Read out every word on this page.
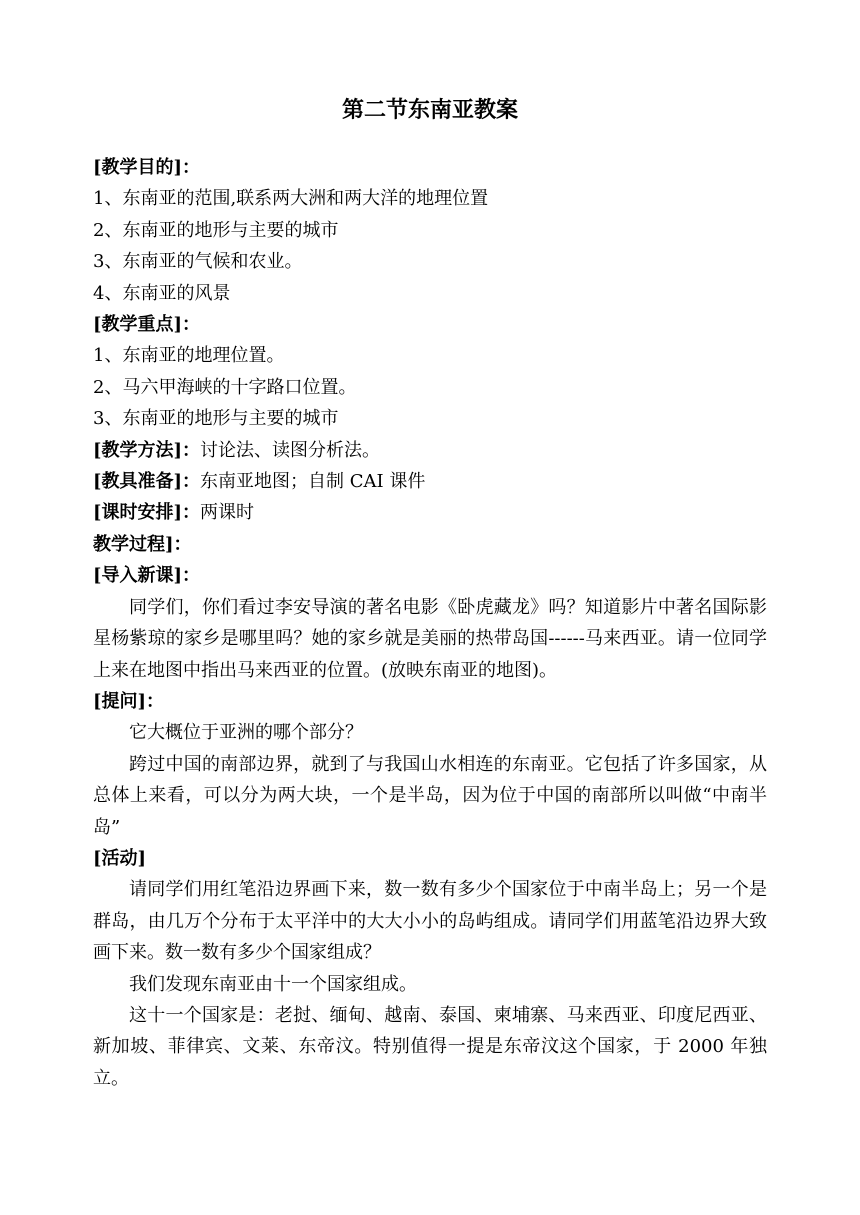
第二节东南亚教案
[教学目的]：
1、东南亚的范围,联系两大洲和两大洋的地理位置
2、东南亚的地形与主要的城市
3、东南亚的气候和农业。
4、东南亚的风景
[教学重点]：
1、东南亚的地理位置。
2、马六甲海峡的十字路口位置。
3、东南亚的地形与主要的城市
[教学方法]：讨论法、读图分析法。
[教具准备]：东南亚地图；自制 CAI 课件
[课时安排]：两课时
教学过程]：
[导入新课]：

同学们，你们看过李安导演的著名电影《卧虎藏龙》吗？知道影片中著名国际影星杨紫琼的家乡是哪里吗？她的家乡就是美丽的热带岛国------马来西亚。请一位同学上来在地图中指出马来西亚的位置。(放映东南亚的地图)。

[提问]：

它大概位于亚洲的哪个部分？

跨过中国的南部边界，就到了与我国山水相连的东南亚。它包括了许多国家，从总体上来看，可以分为两大块，一个是半岛，因为位于中国的南部所以叫做“中南半岛”

[活动]

请同学们用红笔沿边界画下来，数一数有多少个国家位于中南半岛上；另一个是群岛，由几万个分布于太平洋中的大大小小的岛屿组成。请同学们用蓝笔沿边界大致画下来。数一数有多少个国家组成？

我们发现东南亚由十一个国家组成。

这十一个国家是：老挝、缅甸、越南、泰国、柬埔寨、马来西亚、印度尼西亚、新加坡、菲律宾、文莱、东帝汶。特别值得一提是东帝汶这个国家，于 2000 年独立。
